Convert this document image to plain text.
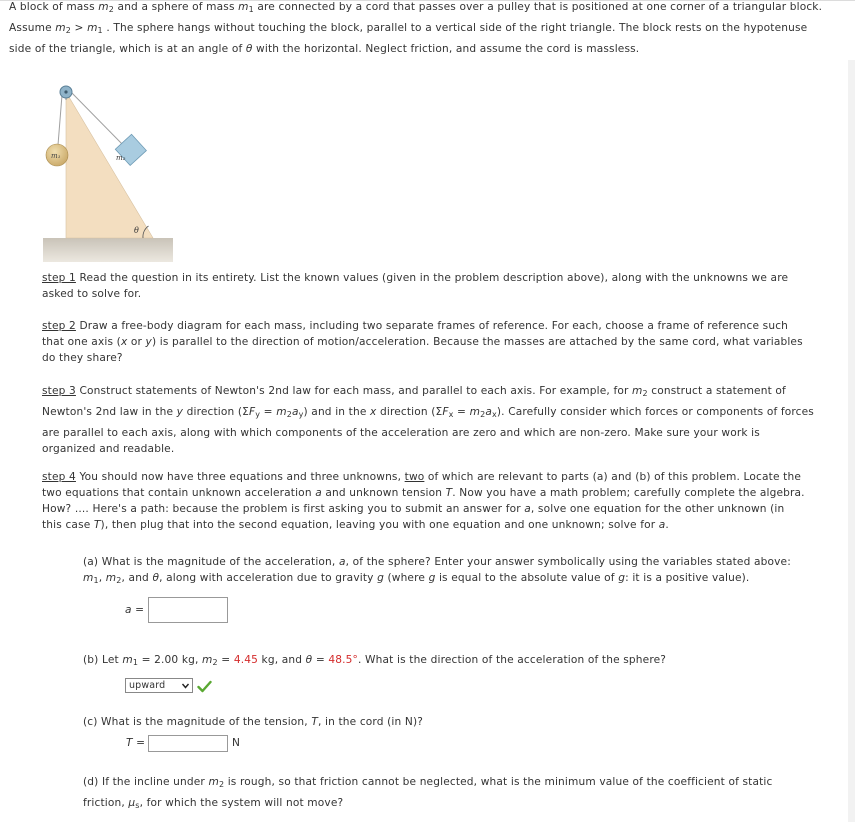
A block of mass $m_2$ and a sphere of mass $m_1$ are connected by a cord that passes over a pulley that is positioned at one corner of a triangular block.
Assume $m_2 > m_1$ . The sphere hangs without touching the block, parallel to a vertical side of the right triangle. The block rests on the hypotenuse
side of the triangle, which is at an angle of θ with the horizontal. Neglect friction, and assume the cord is massless.
m₁	m₂
θ
step 1 Read the question in its entirety. List the known values (given in the problem description above), along with the unknowns we are
asked to solve for.
step 2 Draw a free-body diagram for each mass, including two separate frames of reference. For each, choose a frame of reference such
that one axis (x or y) is parallel to the direction of motion/acceleration. Because the masses are attached by the same cord, what variables
do they share?
step 3 Construct statements of Newton's 2nd law for each mass, and parallel to each axis. For example, for $m_2$ construct a statement of
Newton's 2nd law in the y direction $(\Sigma F_y = m_2a_y)$ and in the x direction $(\Sigma F_x = m_2a_x)$. Carefully consider which forces or components of forces
are parallel to each axis, along with which components of the acceleration are zero and which are non-zero. Make sure your work is
organized and readable.
step 4 You should now have three equations and three unknowns, two of which are relevant to parts (a) and (b) of this problem. Locate the
two equations that contain unknown acceleration a and unknown tension T. Now you have a math problem; carefully complete the algebra.
How? .... Here's a path: because the problem is first asking you to submit an answer for a, solve one equation for the other unknown (in
this case T), then plug that into the second equation, leaving you with one equation and one unknown; solve for a.
(a) What is the magnitude of the acceleration, a, of the sphere? Enter your answer symbolically using the variables stated above:
$m_1$, $m_2$, and θ, along with acceleration due to gravity g (where g is equal to the absolute value of g: it is a positive value).
a =
(b) Let $m_1 = 2.00$ kg, $m_2 = 4.45$ kg, and θ = 48.5°. What is the direction of the acceleration of the sphere?
upward
(c) What is the magnitude of the tension, T, in the cord (in N)?
T =	N
(d) If the incline under $m_2$ is rough, so that friction cannot be neglected, what is the minimum value of the coefficient of static
friction, $\mu_s$, for which the system will not move?
